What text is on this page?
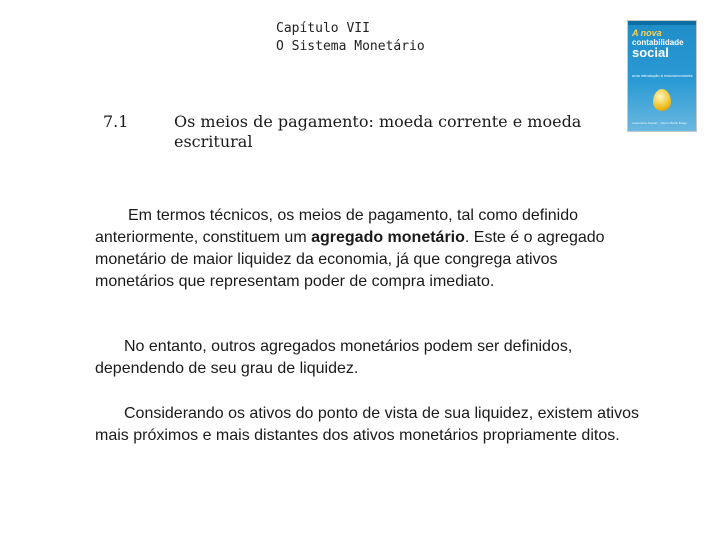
Capítulo VII
O Sistema Monetário
A nova
contabilidade
social
uma introdução à macroeconomia
Leda Maria Paulani · Márcio Bobik Braga
7.1	Os meios de pagamento: moeda corrente e moeda escritural
Em termos técnicos, os meios de pagamento, tal como definido anteriormente, constituem um agregado monetário. Este é o agregado monetário de maior liquidez da economia, já que congrega ativos monetários que representam poder de compra imediato.
No entanto, outros agregados monetários podem ser definidos, dependendo de seu grau de liquidez.
Considerando os ativos do ponto de vista de sua liquidez, existem ativos mais próximos e mais distantes dos ativos monetários propriamente ditos.
